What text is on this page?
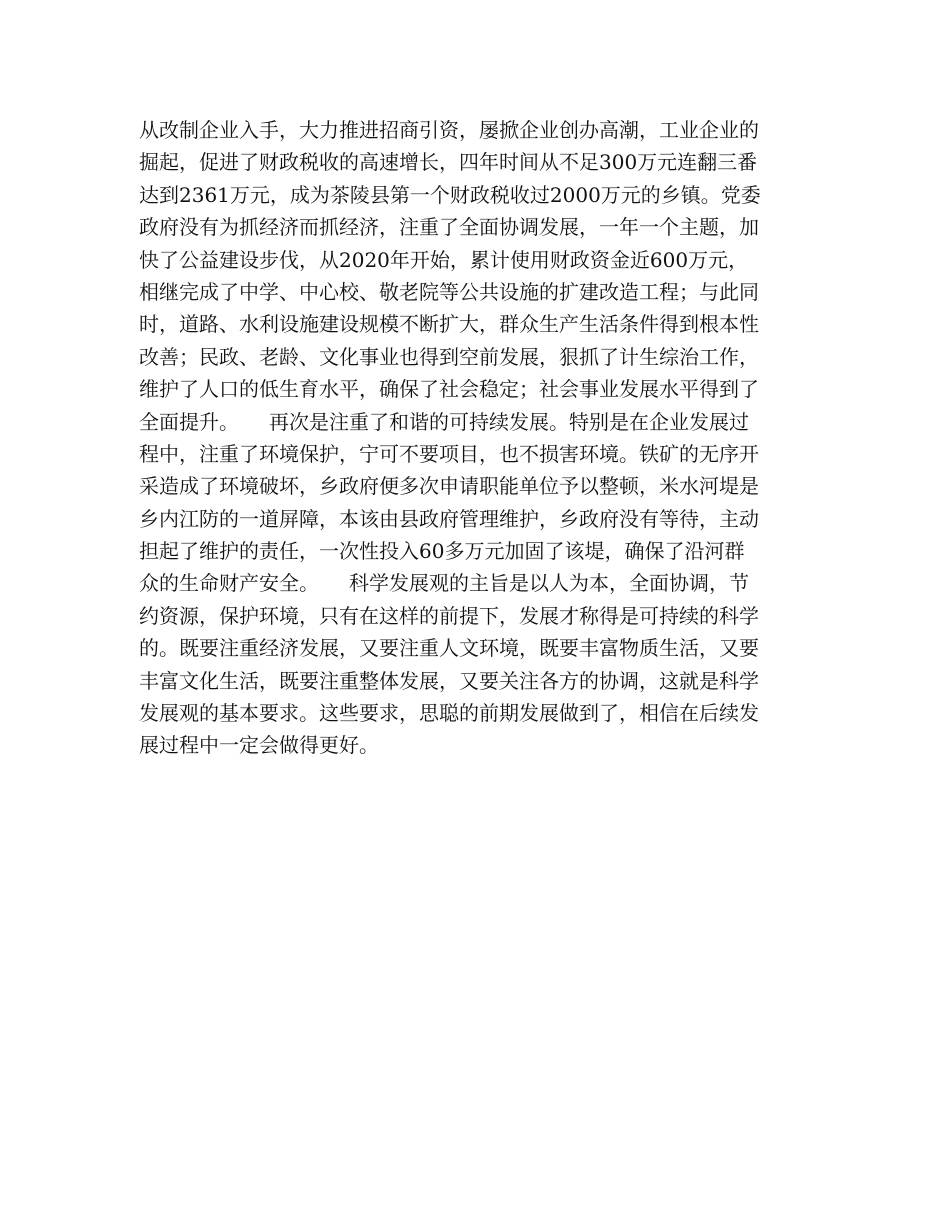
从改制企业入手，大力推进招商引资，屡掀企业创办高潮，工业企业的
掘起，促进了财政税收的高速增长，四年时间从不足300万元连翻三番
达到2361万元，成为茶陵县第一个财政税收过2000万元的乡镇。党委
政府没有为抓经济而抓经济，注重了全面协调发展，一年一个主题，加
快了公益建设步伐，从2020年开始，累计使用财政资金近600万元，
相继完成了中学、中心校、敬老院等公共设施的扩建改造工程；与此同
时，道路、水利设施建设规模不断扩大，群众生产生活条件得到根本性
改善；民政、老龄、文化事业也得到空前发展，狠抓了计生综治工作，
维护了人口的低生育水平，确保了社会稳定；社会事业发展水平得到了
全面提升。　　再次是注重了和谐的可持续发展。特别是在企业发展过
程中，注重了环境保护，宁可不要项目，也不损害环境。铁矿的无序开
采造成了环境破坏，乡政府便多次申请职能单位予以整顿，米水河堤是
乡内江防的一道屏障，本该由县政府管理维护，乡政府没有等待，主动
担起了维护的责任，一次性投入60多万元加固了该堤，确保了沿河群
众的生命财产安全。　　科学发展观的主旨是以人为本，全面协调，节
约资源，保护环境，只有在这样的前提下，发展才称得是可持续的科学
的。既要注重经济发展，又要注重人文环境，既要丰富物质生活，又要
丰富文化生活，既要注重整体发展，又要关注各方的协调，这就是科学
发展观的基本要求。这些要求，思聪的前期发展做到了，相信在后续发
展过程中一定会做得更好。
